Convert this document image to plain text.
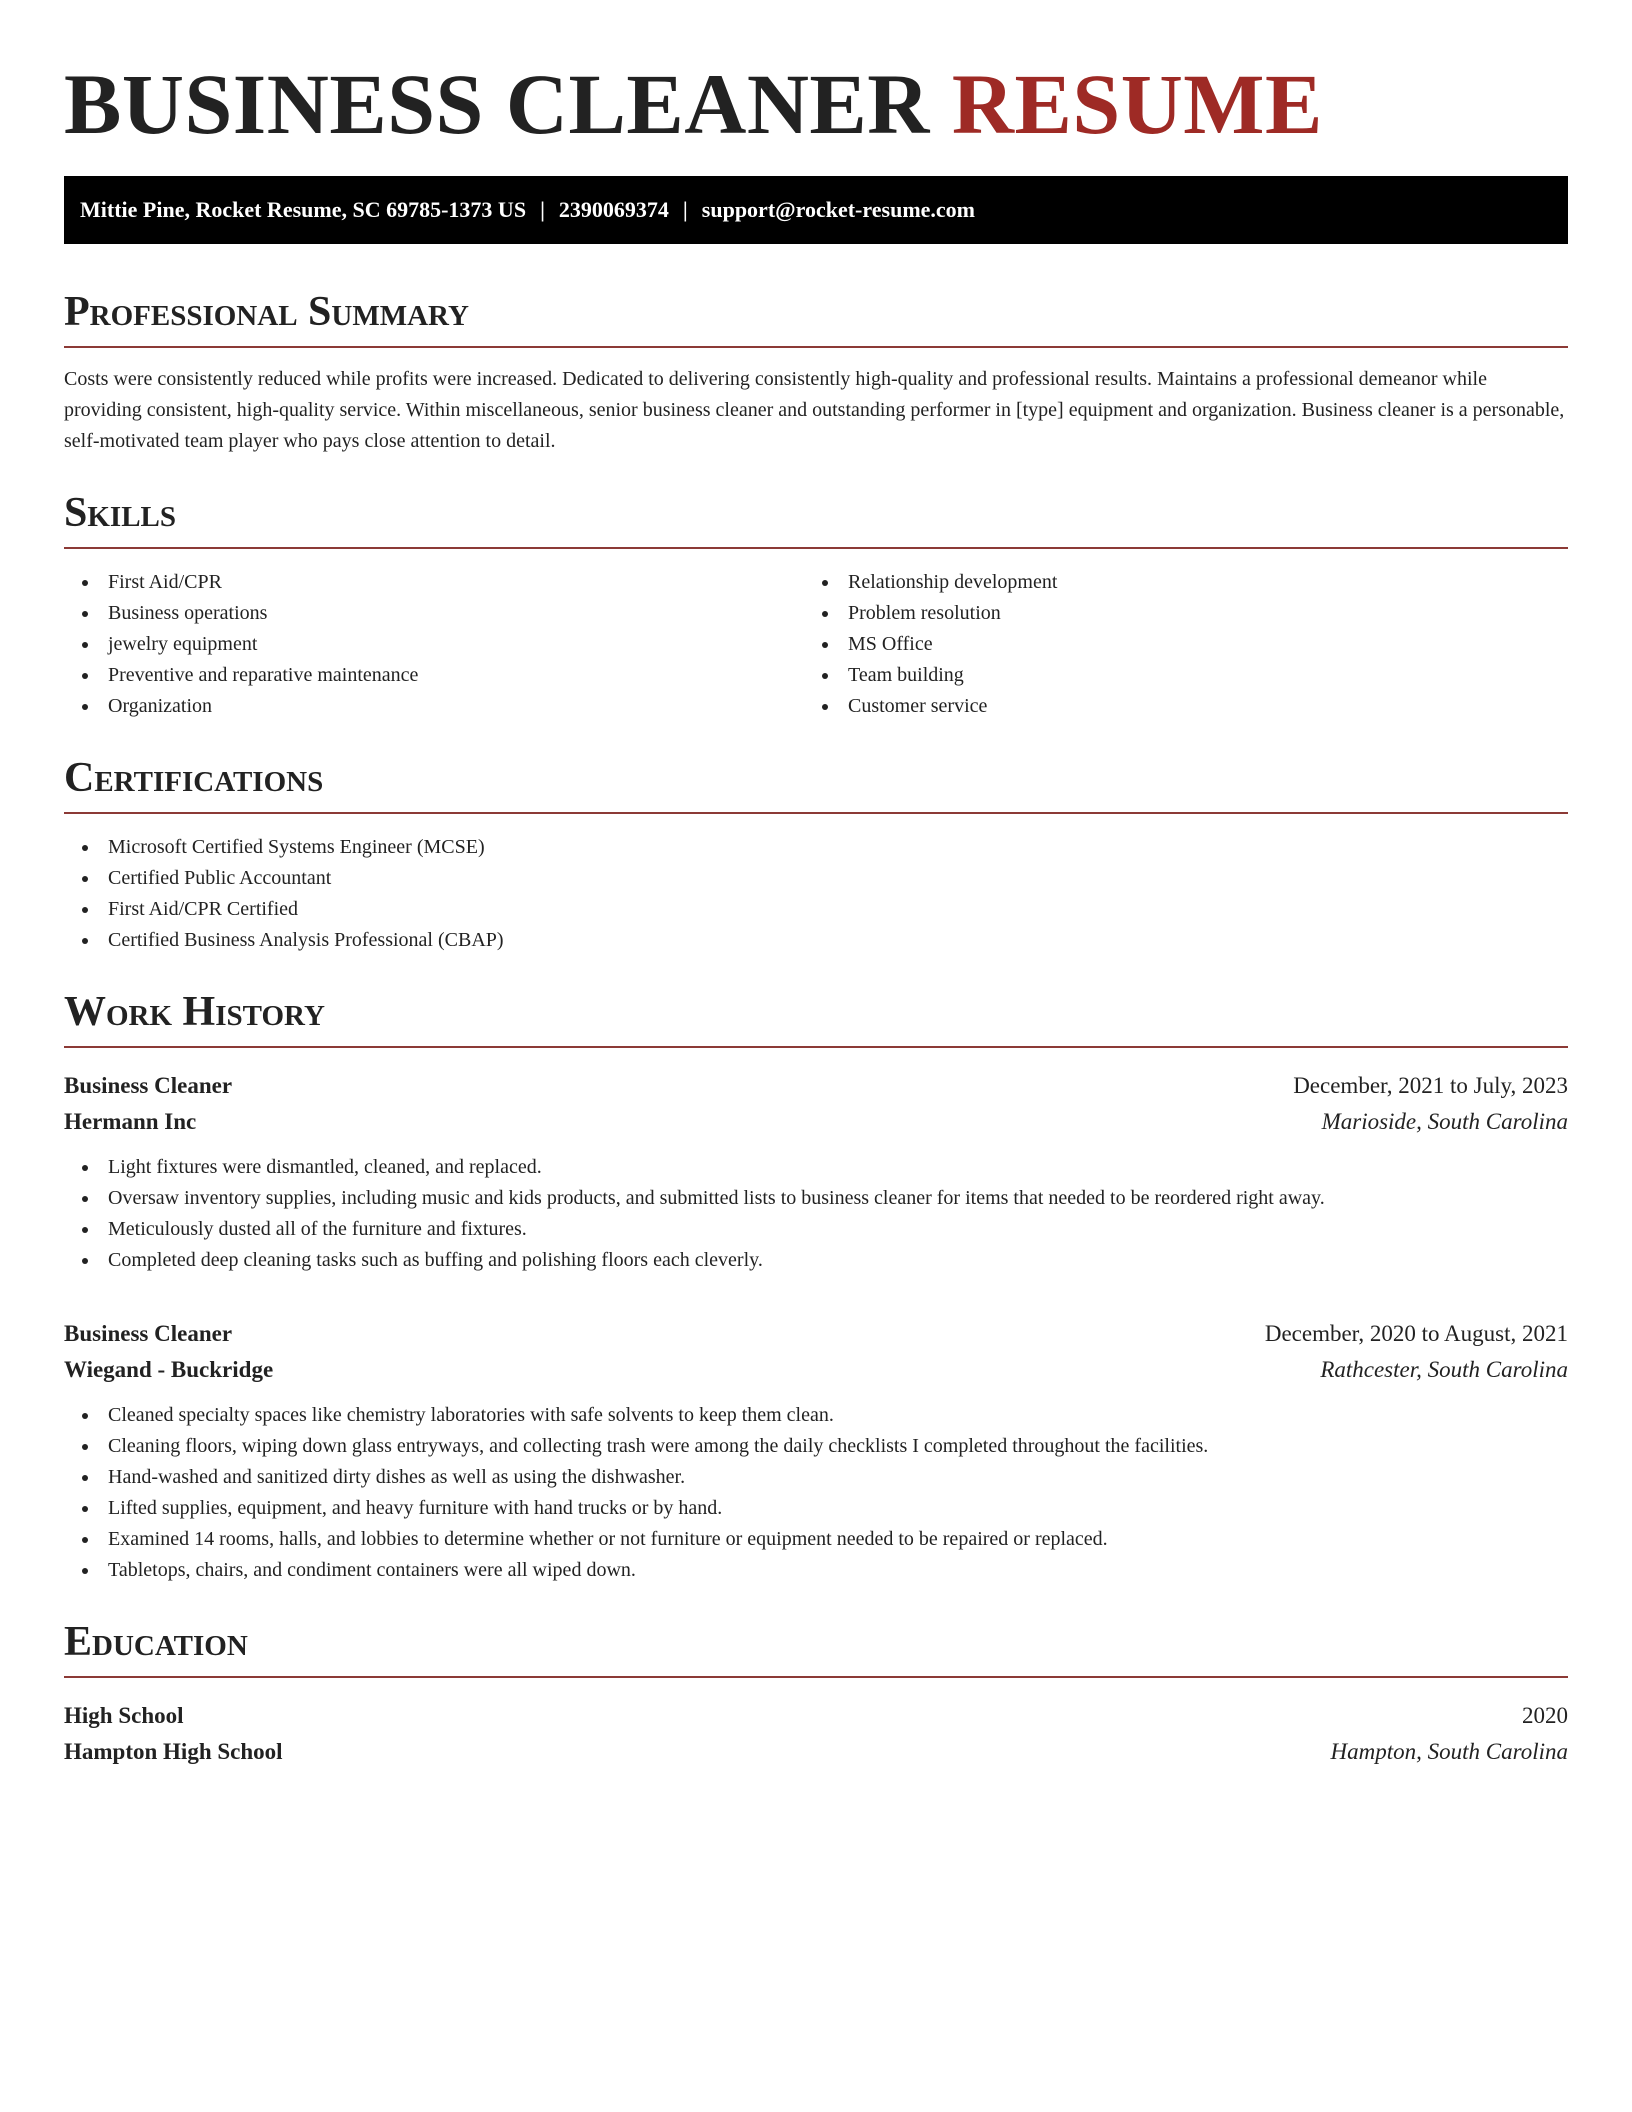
BUSINESS CLEANER RESUME
Mittie Pine, Rocket Resume, SC 69785-1373 US | 2390069374 | support@rocket-resume.com
Professional Summary

Costs were consistently reduced while profits were increased. Dedicated to delivering consistently high-quality and professional results. Maintains a professional demeanor while providing consistent, high-quality service. Within miscellaneous, senior business cleaner and outstanding performer in [type] equipment and organization. Business cleaner is a personable, self-motivated team player who pays close attention to detail.

Skills
First Aid/CPR
Business operations
jewelry equipment
Preventive and reparative maintenance
Organization
Relationship development
Problem resolution
MS Office
Team building
Customer service
Certifications
Microsoft Certified Systems Engineer (MCSE)
Certified Public Accountant
First Aid/CPR Certified
Certified Business Analysis Professional (CBAP)
Work History
Business Cleaner	December, 2021 to July, 2023
Hermann Inc	Marioside, South Carolina
Light fixtures were dismantled, cleaned, and replaced.
Oversaw inventory supplies, including music and kids products, and submitted lists to business cleaner for items that needed to be reordered right away.
Meticulously dusted all of the furniture and fixtures.
Completed deep cleaning tasks such as buffing and polishing floors each cleverly.
Business Cleaner	December, 2020 to August, 2021
Wiegand - Buckridge	Rathcester, South Carolina
Cleaned specialty spaces like chemistry laboratories with safe solvents to keep them clean.
Cleaning floors, wiping down glass entryways, and collecting trash were among the daily checklists I completed throughout the facilities.
Hand-washed and sanitized dirty dishes as well as using the dishwasher.
Lifted supplies, equipment, and heavy furniture with hand trucks or by hand.
Examined 14 rooms, halls, and lobbies to determine whether or not furniture or equipment needed to be repaired or replaced.
Tabletops, chairs, and condiment containers were all wiped down.
Education
High School	2020
Hampton High School	Hampton, South Carolina
